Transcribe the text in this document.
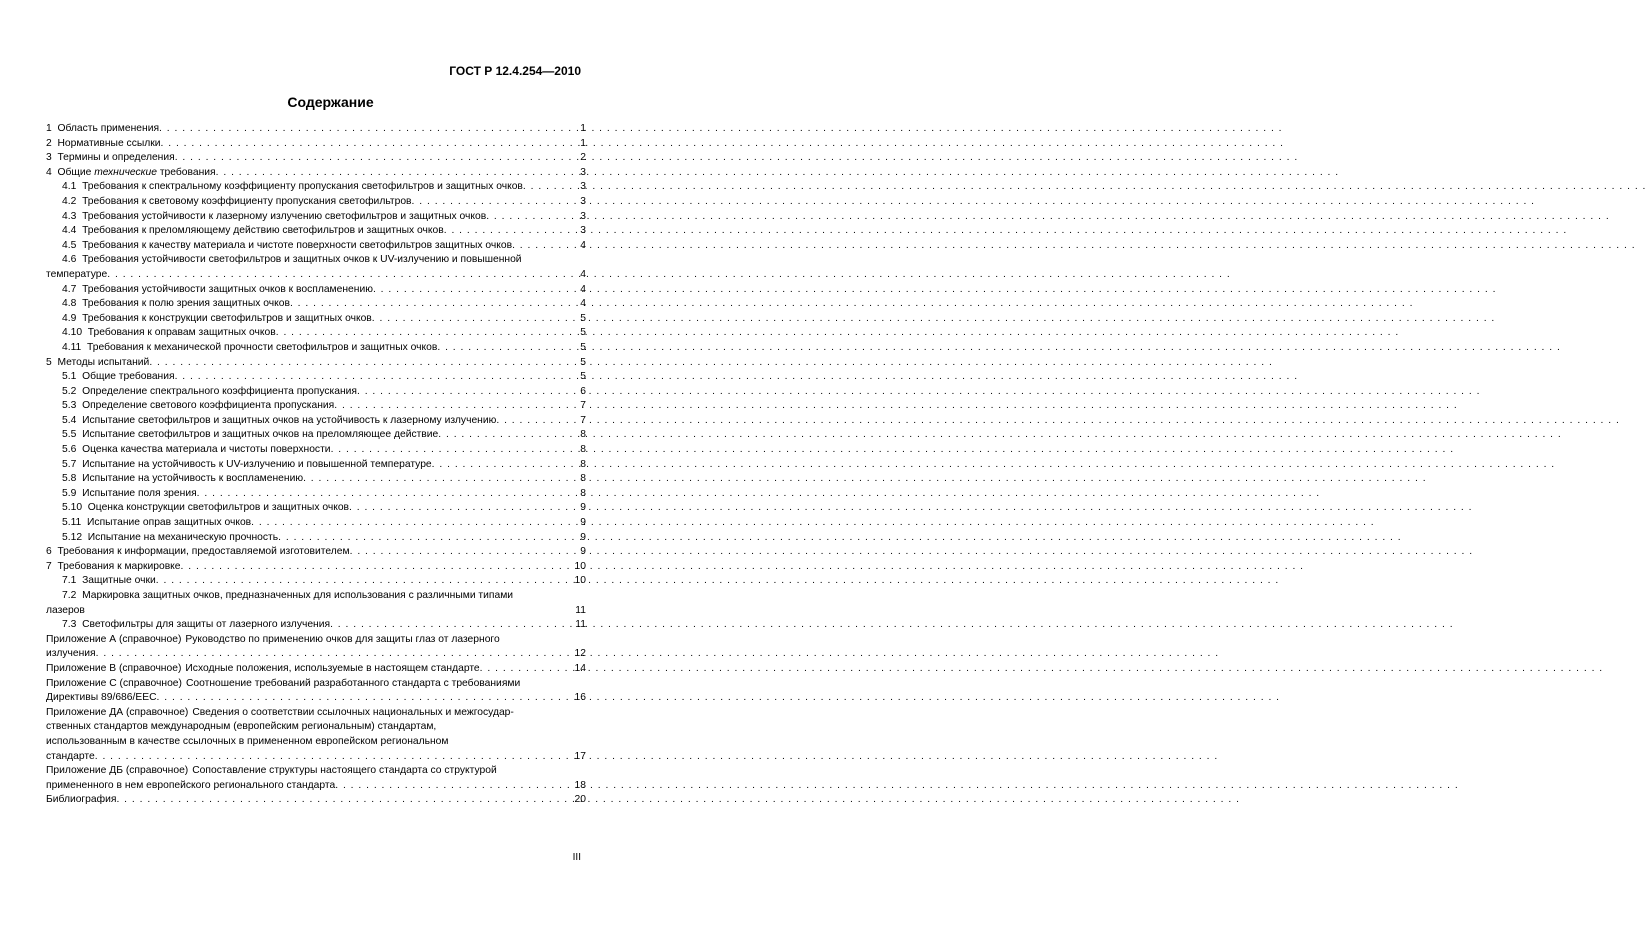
ГОСТ Р 12.4.254—2010
Содержание
1 Область применения . . .	1
2 Нормативные ссылки . . .	1
3 Термины и определения . . .	2
4 Общие технические требования . . .	3
4.1 Требования к спектральному коэффициенту пропускания светофильтров и защитных очков . . .	3
4.2 Требования к световому коэффициенту пропускания светофильтров . . .	3
4.3 Требования устойчивости к лазерному излучению светофильтров и защитных очков . . .	3
4.4 Требования к преломляющему действию светофильтров и защитных очков . . .	3
4.5 Требования к качеству материала и чистоте поверхности светофильтров защитных очков . . .	4
4.6 Требования устойчивости светофильтров и защитных очков к UV-излучению и повышенной
температуре . . .	4
4.7 Требования устойчивости защитных очков к воспламенению . . .	4
4.8 Требования к полю зрения защитных очков . . .	4
4.9 Требования к конструкции светофильтров и защитных очков . . .	5
4.10 Требования к оправам защитных очков . . .	5
4.11 Требования к механической прочности светофильтров и защитных очков . . .	5
5 Методы испытаний . . .	5
5.1 Общие требования . . .	5
5.2 Определение спектрального коэффициента пропускания . . .	6
5.3 Определение светового коэффициента пропускания . . .	7
5.4 Испытание светофильтров и защитных очков на устойчивость к лазерному излучению . . .	7
5.5 Испытание светофильтров и защитных очков на преломляющее действие . . .	8
5.6 Оценка качества материала и чистоты поверхности . . .	8
5.7 Испытание на устойчивость к UV-излучению и повышенной температуре . . .	8
5.8 Испытание на устойчивость к воспламенению . . .	8
5.9 Испытание поля зрения . . .	8
5.10 Оценка конструкции светофильтров и защитных очков . . .	9
5.11 Испытание оправ защитных очков . . .	9
5.12 Испытание на механическую прочность . . .	9
6 Требования к информации, предоставляемой изготовителем . . .	9
7 Требования к маркировке . . .	10
7.1 Защитные очки . . .	10
7.2 Маркировка защитных очков, предназначенных для использования с различными типами
лазеров	11
7.3 Светофильтры для защиты от лазерного излучения . . .	11
Приложение А (справочное) Руководство по применению очков для защиты глаз от лазерного
излучения . . .	12
Приложение В (справочное) Исходные положения, используемые в настоящем стандарте . . .	14
Приложение С (справочное) Соотношение требований разработанного стандарта с требованиями
Директивы 89/686/ЕЕС . . .	16
Приложение ДА (справочное) Сведения о соответствии ссылочных национальных и межгосудар-
ственных стандартов международным (европейским региональным) стандартам,
использованным в качестве ссылочных в примененном европейском региональном
стандарте . . .	17
Приложение ДБ (справочное) Сопоставление структуры настоящего стандарта со структурой
примененного в нем европейского регионального стандарта . . .	18
Библиография . . .	20
III
